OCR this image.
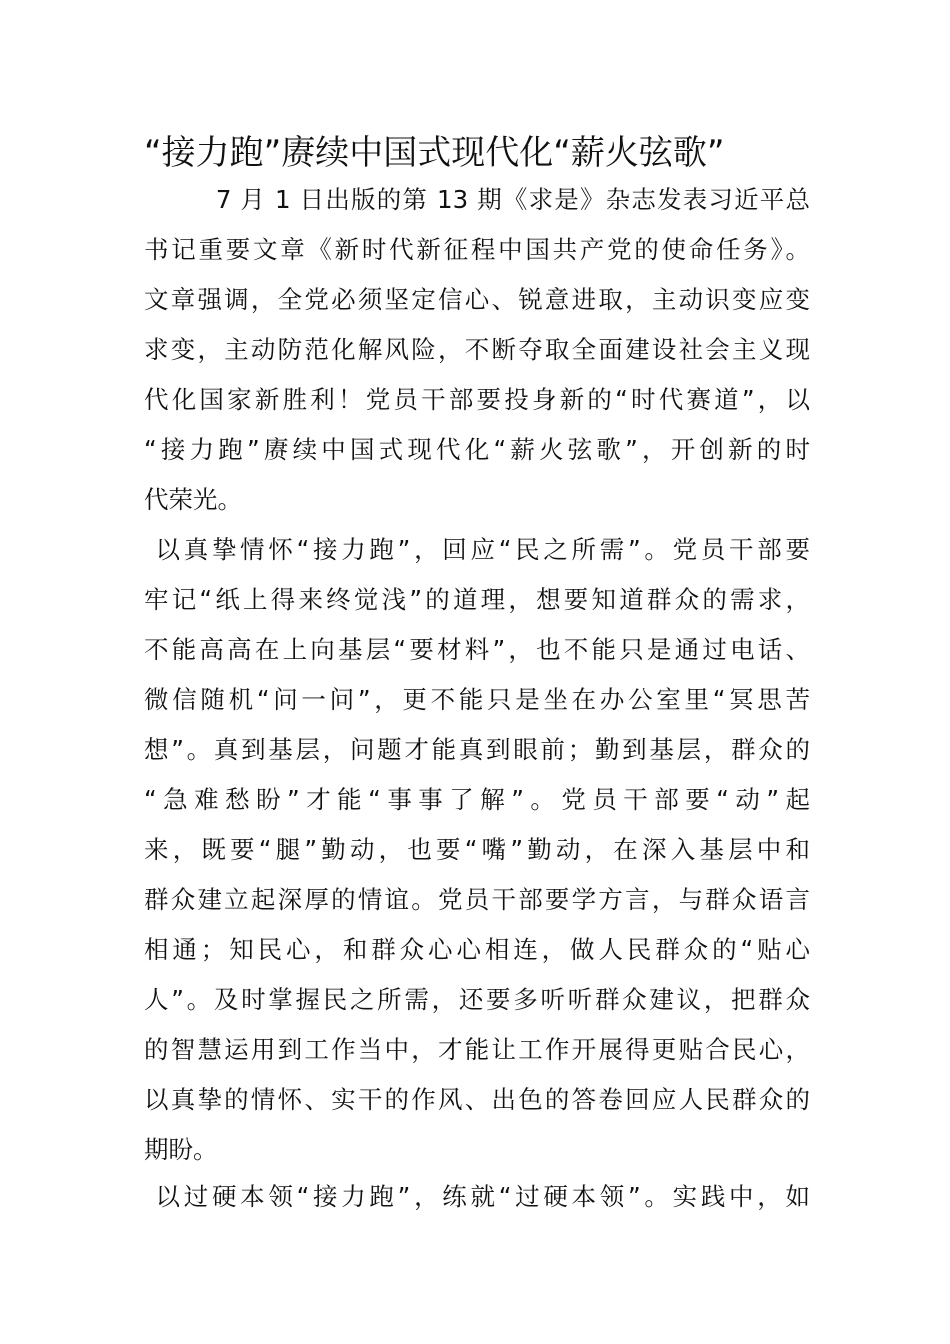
“接力跑”赓续中国式现代化“薪火弦歌”
7 月 1 日出版的第 13 期《求是》杂志发表习近平总
书记重要文章《新时代新征程中国共产党的使命任务》。
文章强调，全党必须坚定信心、锐意进取，主动识变应变
求变，主动防范化解风险，不断夺取全面建设社会主义现
代化国家新胜利！党员干部要投身新的“时代赛道”，以
“接力跑”赓续中国式现代化“薪火弦歌”，开创新的时
代荣光。
以真挚情怀“接力跑”，回应“民之所需”。党员干部要
牢记“纸上得来终觉浅”的道理，想要知道群众的需求，
不能高高在上向基层“要材料”，也不能只是通过电话、
微信随机“问一问”，更不能只是坐在办公室里“冥思苦
想”。真到基层，问题才能真到眼前；勤到基层，群众的
“急难愁盼”才能“事事了解”。党员干部要“动”起
来，既要“腿”勤动，也要“嘴”勤动，在深入基层中和
群众建立起深厚的情谊。党员干部要学方言，与群众语言
相通；知民心，和群众心心相连，做人民群众的“贴心
人”。及时掌握民之所需，还要多听听群众建议，把群众
的智慧运用到工作当中，才能让工作开展得更贴合民心，
以真挚的情怀、实干的作风、出色的答卷回应人民群众的
期盼。
以过硬本领“接力跑”，练就“过硬本领”。实践中，如
